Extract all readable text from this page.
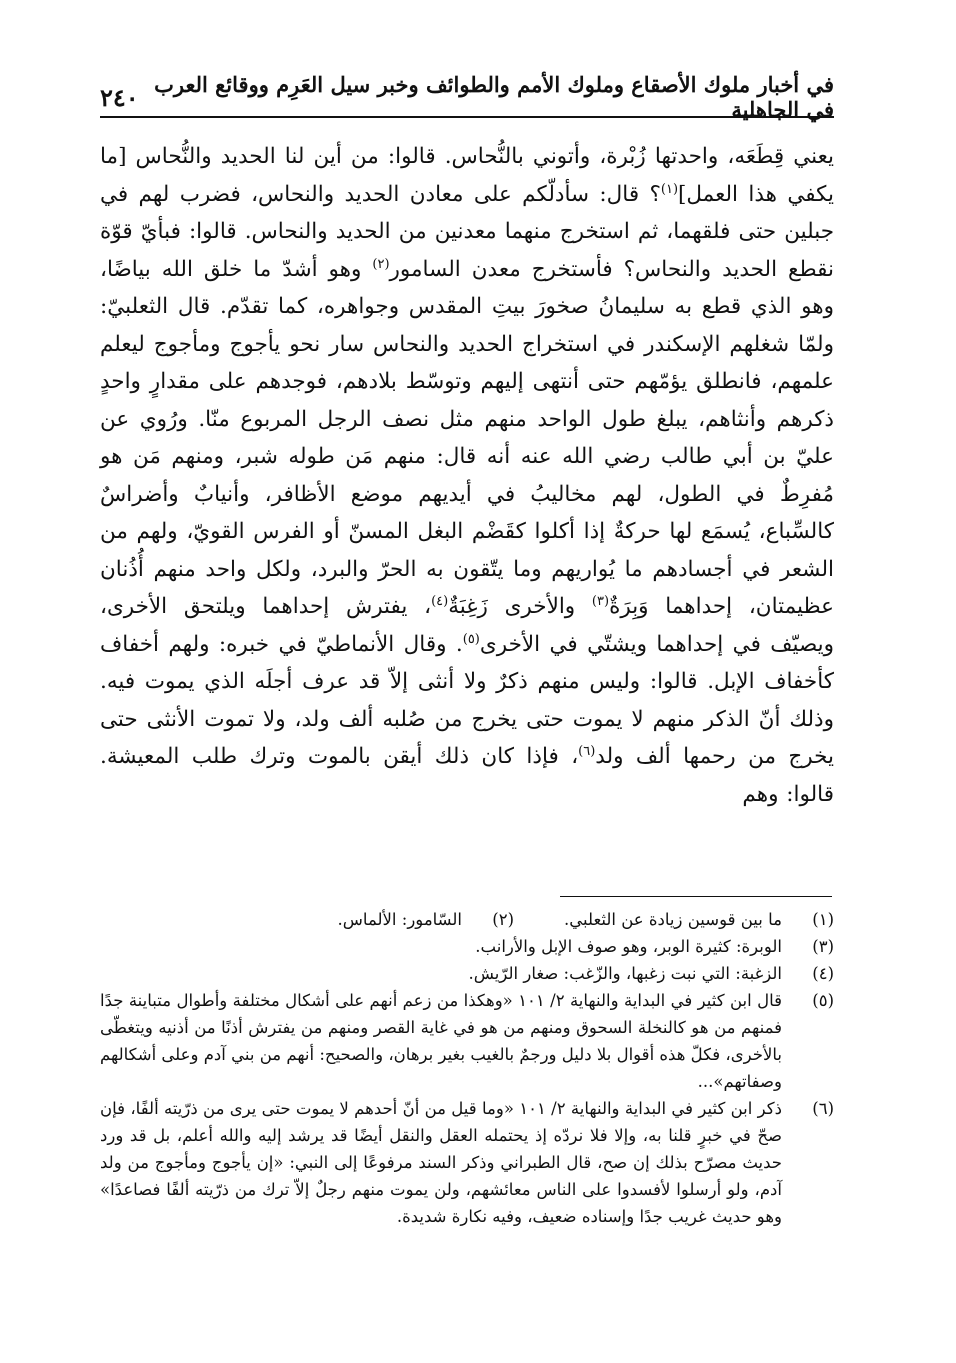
في أخبار ملوك الأصقاع وملوك الأمم والطوائف وخبر سيل العَرِم ووقائع العرب في الجاهلية
٢٤٠

يعني قِطَعَه، واحدتها زُبْرة، وأتوني بالنُّحاس. قالوا: من أين لنا الحديد والنُّحاس [ما يكفي هذا العمل]$^{(١)}$؟ قال: سأدلّكم على معادن الحديد والنحاس، فضرب لهم في جبلين حتى فلقهما، ثم استخرج منهما معدنين من الحديد والنحاس. قالوا: فبأيّ قوّة نقطع الحديد والنحاس؟ فأستخرج معدن السامور$^{(٢)}$ وهو أشدّ ما خلق الله بياضًا، وهو الذي قطع به سليمانُ صخورَ بيتِ المقدس وجواهره، كما تقدّم. قال الثعلبيّ: ولمّا شغلهم الإسكندر في استخراج الحديد والنحاس سار نحو يأجوج ومأجوج ليعلم علمهم، فانطلق يؤمّهم حتى أنتهى إليهم وتوسّط بلادهم، فوجدهم على مقدارٍ واحدٍ ذكرهم وأنثاهم، يبلغ طول الواحد منهم مثل نصف الرجل المربوع منّا. ورُوي عن عليّ بن أبي طالب رضي الله عنه أنه قال: منهم مَن طوله شبر، ومنهم مَن هو مُفرِطٌ في الطول، لهم مخاليبُ في أيديهم موضع الأظافر، وأنيابٌ وأضراسٌ كالسِّباع، يُسمَع لها حركةٌ إذا أكلوا كقَضْم البغل المسنّ أو الفرس القويّ، ولهم من الشعر في أجسادهم ما يُواريهم وما يتّقون به الحرّ والبرد، ولكل واحد منهم أُذُنان عظيمتان، إحداهما وَبِرَةٌ$^{(٣)}$ والأخرى زَغِبَةٌ$^{(٤)}$، يفترش إحداهما ويلتحق الأخرى، ويصيّف في إحداهما ويشتّي في الأخرى$^{(٥)}$. وقال الأنماطيّ في خبره: ولهم أخفاف كأخفاف الإبل. قالوا: وليس منهم ذكرٌ ولا أنثى إلاّ قد عرف أجلَه الذي يموت فيه. وذلك أنّ الذكر منهم لا يموت حتى يخرج من صُلبه ألف ولد، ولا تموت الأنثى حتى يخرج من رحمها ألف ولد$^{(٦)}$، فإذا كان ذلك أيقن بالموت وترك طلب المعيشة. قالوا: وهم

(١)
ما بين قوسين زيادة عن الثعلبي.
(٢)
السّامور: الألماس.
(٣)
الوبرة: كثيرة الوبر، وهو صوف الإبل والأرانب.
(٤)
الزغبة: التي نبت زغبها، والزّغب: صغار الرّيش.
(٥)
قال ابن كثير في البداية والنهاية ٢/ ١٠١ «وهكذا من زعم أنهم على أشكال مختلفة وأطوال متباينة جدًا فمنهم من هو كالنخلة السحوق ومنهم من هو في غاية القصر ومنهم من يفترش أذنًا من أذنيه ويتغطّى بالأخرى، فكلّ هذه أقوال بلا دليل ورجمٌ بالغيب بغير برهان، والصحيح: أنهم من بني آدم وعلى أشكالهم وصفاتهم»...
(٦)
ذكر ابن كثير في البداية والنهاية ٢/ ١٠١ «وما قيل من أنّ أحدهم لا يموت حتى يرى من ذرّيته ألفًا، فإن صحّ في خبرٍ قلنا به، وإلا فلا نردّه إذ يحتمله العقل والنقل أيضًا قد يرشد إليه والله أعلم، بل قد ورد حديث مصرّح بذلك إن صح، قال الطبراني وذكر السند مرفوعًا إلى النبي: «إن يأجوج ومأجوج من ولد آدم، ولو أرسلوا لأفسدوا على الناس معائشهم، ولن يموت منهم رجلٌ إلاّ ترك من ذرّيته ألفًا فصاعدًا» وهو حديث غريب جدًا وإسناده ضعيف، وفيه نكارة شديدة.
